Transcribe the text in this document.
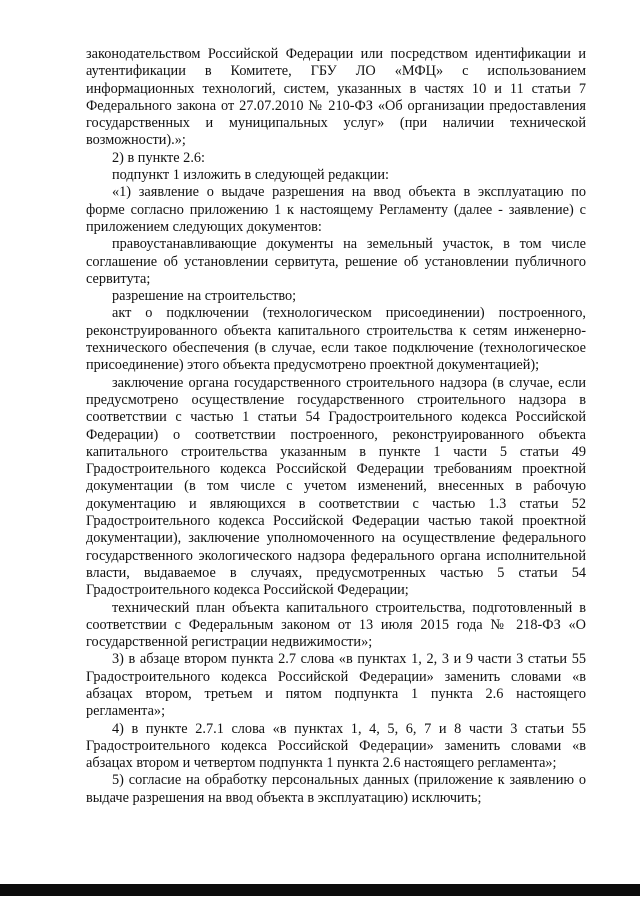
законодательством Российской Федерации или посредством идентификации и аутентификации в Комитете, ГБУ ЛО «МФЦ» с использованием информационных технологий, систем, указанных в частях 10 и 11 статьи 7 Федерального закона от 27.07.2010 № 210-ФЗ «Об организации предоставления государственных и муниципальных услуг» (при наличии технической возможности).»;

2) в пункте 2.6:

подпункт 1 изложить в следующей редакции:

«1) заявление о выдаче разрешения на ввод объекта в эксплуатацию по форме согласно приложению 1 к настоящему Регламенту (далее - заявление) с приложением следующих документов:

правоустанавливающие документы на земельный участок, в том числе соглашение об установлении сервитута, решение об установлении публичного сервитута;

разрешение на строительство;

акт о подключении (технологическом присоединении) построенного, реконструированного объекта капитального строительства к сетям инженерно-технического обеспечения (в случае, если такое подключение (технологическое присоединение) этого объекта предусмотрено проектной документацией);

заключение органа государственного строительного надзора (в случае, если предусмотрено осуществление государственного строительного надзора в соответствии с частью 1 статьи 54 Градостроительного кодекса Российской Федерации) о соответствии построенного, реконструированного объекта капитального строительства указанным в пункте 1 части 5 статьи 49 Градостроительного кодекса Российской Федерации требованиям проектной документации (в том числе с учетом изменений, внесенных в рабочую документацию и являющихся в соответствии с частью 1.3 статьи 52 Градостроительного кодекса Российской Федерации частью такой проектной документации), заключение уполномоченного на осуществление федерального государственного экологического надзора федерального органа исполнительной власти, выдаваемое в случаях, предусмотренных частью 5 статьи 54 Градостроительного кодекса Российской Федерации;

технический план объекта капитального строительства, подготовленный в соответствии с Федеральным законом от 13 июля 2015 года № 218-ФЗ «О государственной регистрации недвижимости»;

3) в абзаце втором пункта 2.7 слова «в пунктах 1, 2, 3 и 9 части 3 статьи 55 Градостроительного кодекса Российской Федерации» заменить словами «в абзацах втором, третьем и пятом подпункта 1 пункта 2.6 настоящего регламента»;

4) в пункте 2.7.1 слова «в пунктах 1, 4, 5, 6, 7 и 8 части 3 статьи 55 Градостроительного кодекса Российской Федерации» заменить словами «в абзацах втором и четвертом подпункта 1 пункта 2.6 настоящего регламента»;

5) согласие на обработку персональных данных (приложение к заявлению о выдаче разрешения на ввод объекта в эксплуатацию) исключить;
